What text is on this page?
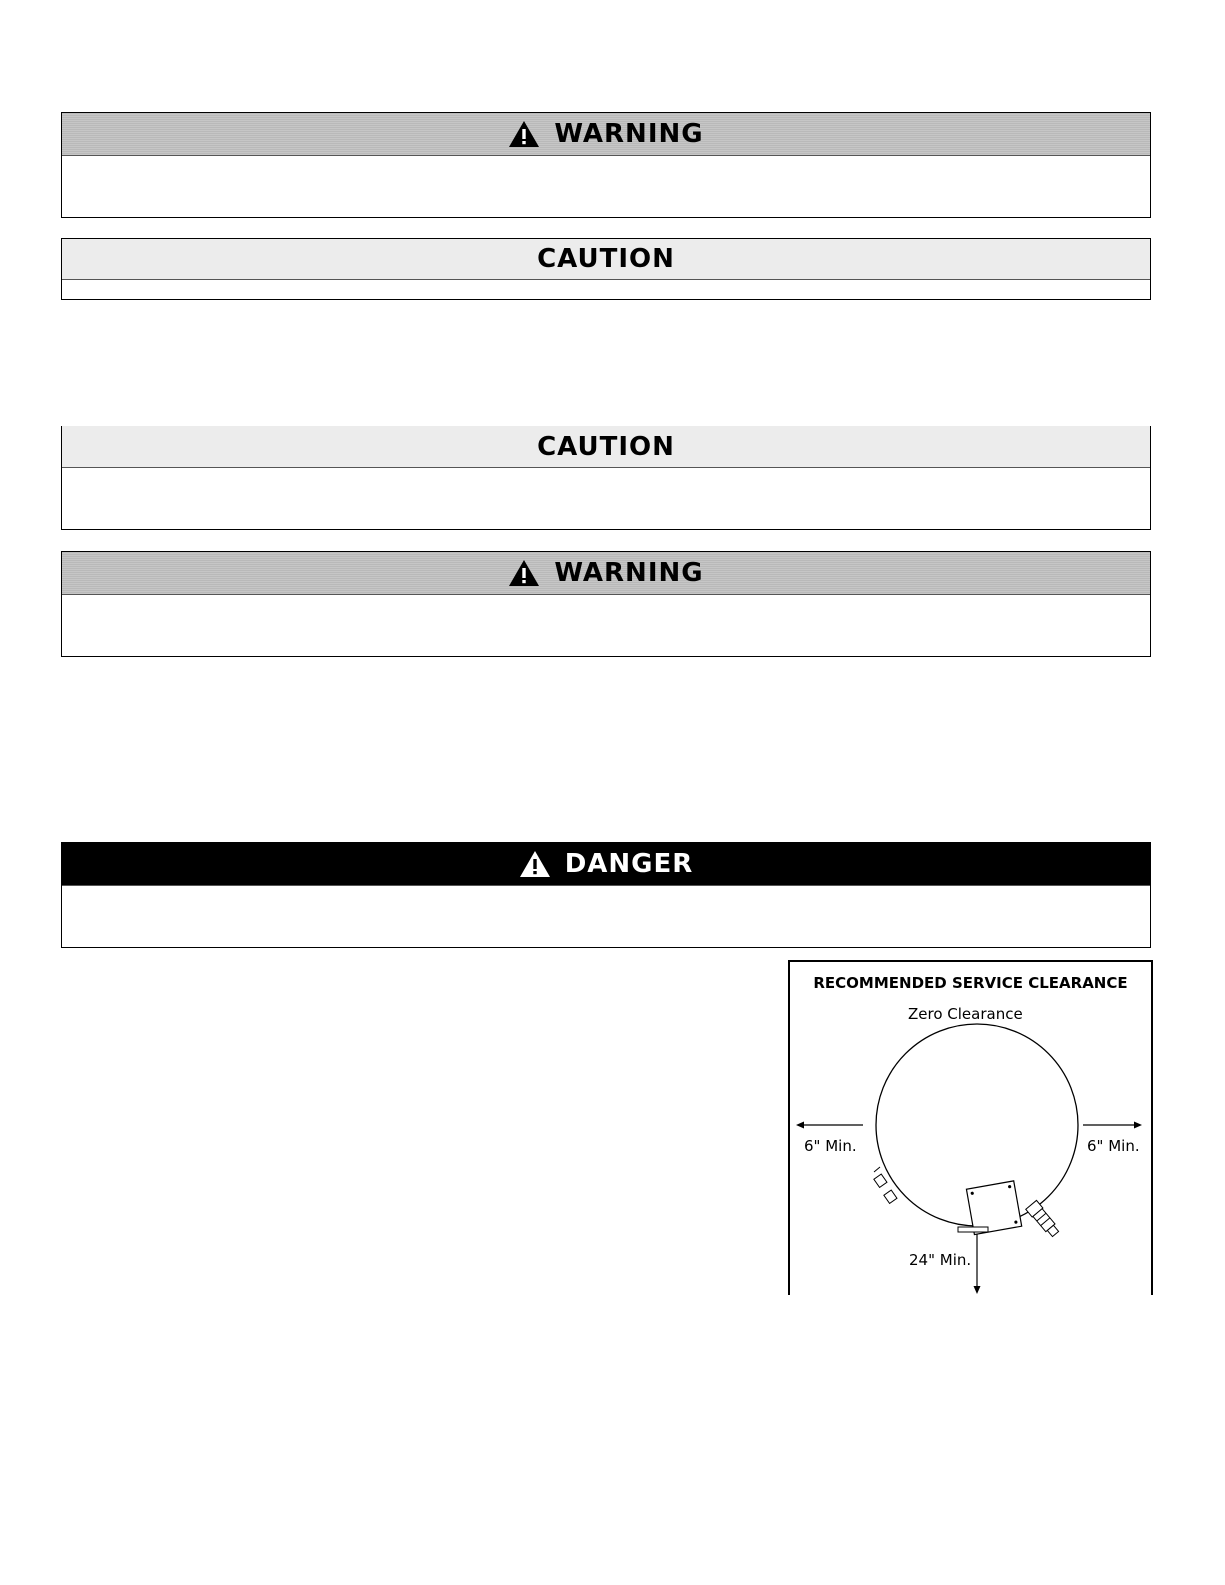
WARNING
CAUTION
CAUTION
WARNING
DANGER
RECOMMENDED SERVICE CLEARANCE
Zero Clearance
6" Min.	6" Min.
24" Min.
